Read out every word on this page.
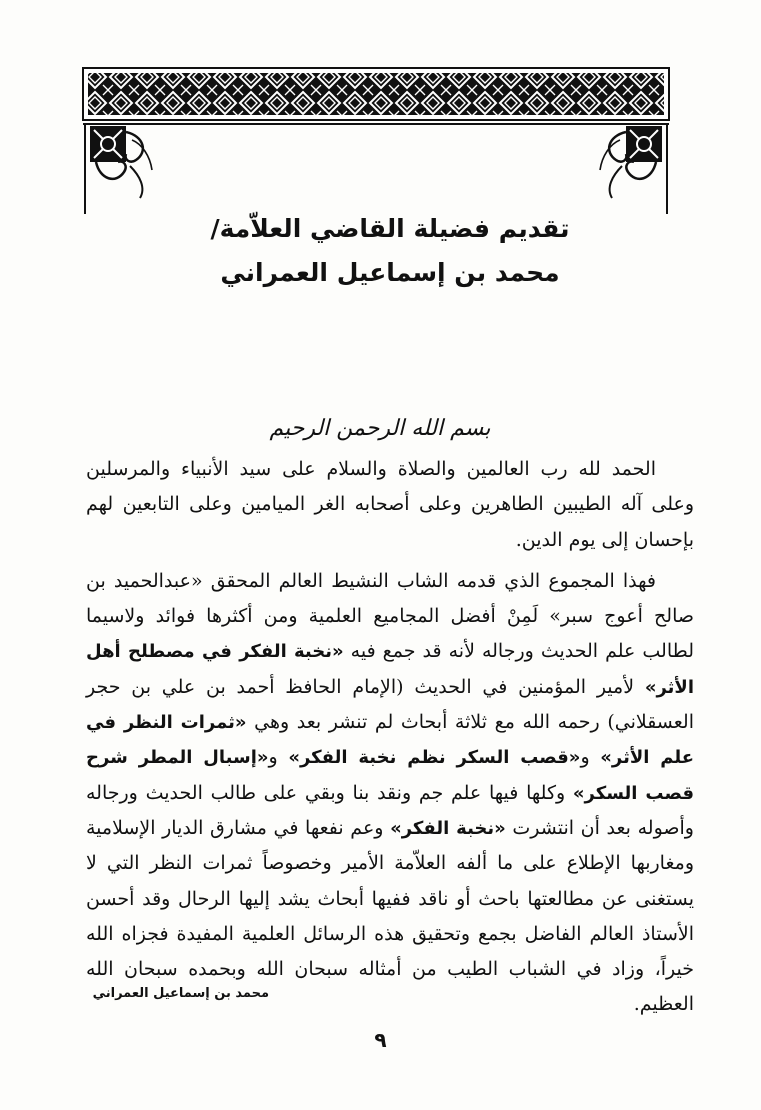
تقديم فضيلة القاضي العلاّمة/
محمد بن إسماعيل العمراني
بسم الله الرحمن الرحيم

الحمد لله رب العالمين والصلاة والسلام على سيد الأنبياء والمرسلين وعلى آله الطيبين الطاهرين وعلى أصحابه الغر الميامين وعلى التابعين لهم بإحسان إلى يوم الدين.

فهذا المجموع الذي قدمه الشاب النشيط العالم المحقق «عبدالحميد بن صالح أعوج سبر» لَمِنْ أفضل المجاميع العلمية ومن أكثرها فوائد ولاسيما لطالب علم الحديث ورجاله لأنه قد جمع فيه «نخبة الفكر في مصطلح أهل الأثر» لأمير المؤمنين في الحديث (الإمام الحافظ أحمد بن علي بن حجر العسقلاني) رحمه الله مع ثلاثة أبحاث لم تنشر بعد وهي «ثمرات النظر في علم الأثر» و«قصب السكر نظم نخبة الفكر» و«إسبال المطر شرح قصب السكر» وكلها فيها علم جم ونقد بنا وبقي على طالب الحديث ورجاله وأصوله بعد أن انتشرت «نخبة الفكر» وعم نفعها في مشارق الديار الإسلامية ومغاربها الإطلاع على ما ألفه العلاّمة الأمير وخصوصاً ثمرات النظر التي لا يستغنى عن مطالعتها باحث أو ناقد ففيها أبحاث يشد إليها الرحال وقد أحسن الأستاذ العالم الفاضل بجمع وتحقيق هذه الرسائل العلمية المفيدة فجزاه الله خيراً، وزاد في الشباب الطيب من أمثاله سبحان الله وبحمده سبحان الله العظيم.

محمد بن إسماعيل العمراني
٩
